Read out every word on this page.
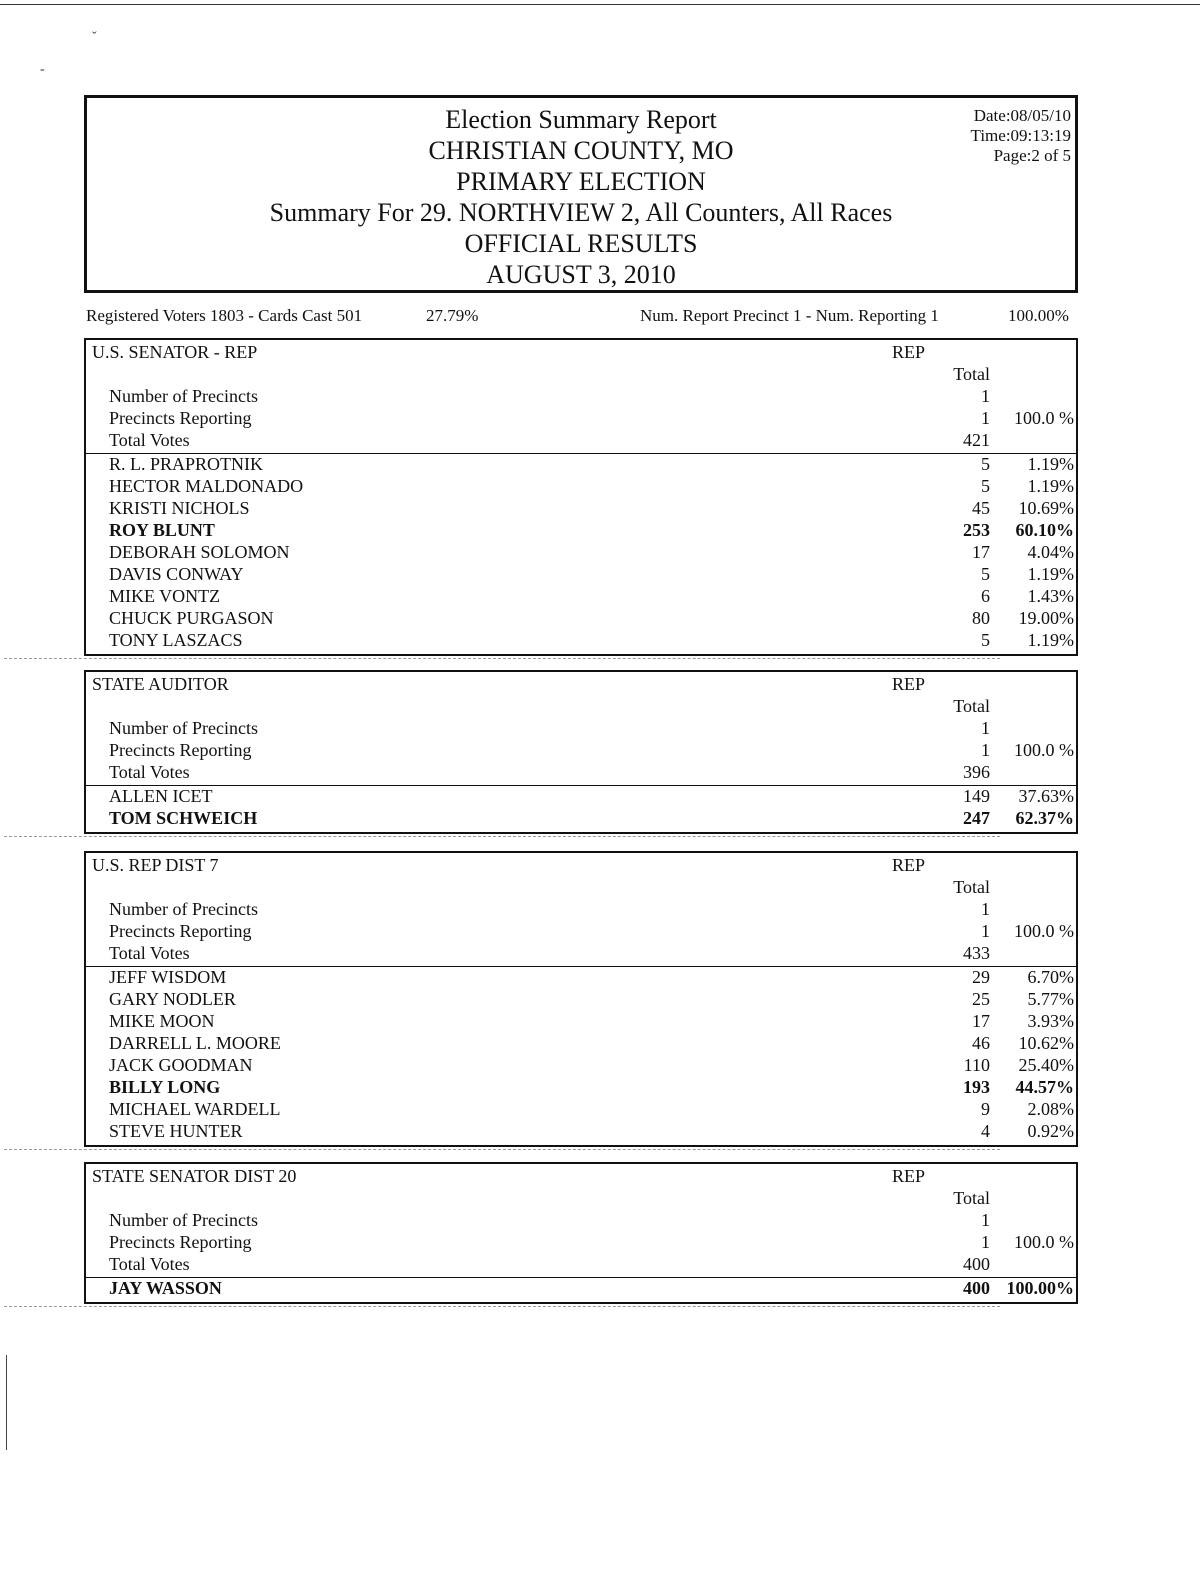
ˇ
-
Election Summary Report
CHRISTIAN COUNTY, MO
PRIMARY ELECTION
Summary For 29. NORTHVIEW 2, All Counters, All Races
OFFICIAL RESULTS
AUGUST 3, 2010
Date:08/05/10
Time:09:13:19
Page:2 of 5
Registered Voters 1803 - Cards Cast 501	27.79%	Num. Report Precinct 1 - Num. Reporting 1	100.00%
U.S. SENATOR - REP	REP
Total
Number of Precincts	1
Precincts Reporting	1	100.0 %
Total Votes	421
R. L. PRAPROTNIK	5	1.19%
HECTOR MALDONADO	5	1.19%
KRISTI NICHOLS	45	10.69%
ROY BLUNT	253	60.10%
DEBORAH SOLOMON	17	4.04%
DAVIS CONWAY	5	1.19%
MIKE VONTZ	6	1.43%
CHUCK PURGASON	80	19.00%
TONY LASZACS	5	1.19%
STATE AUDITOR	REP
Total
Number of Precincts	1
Precincts Reporting	1	100.0 %
Total Votes	396
ALLEN ICET	149	37.63%
TOM SCHWEICH	247	62.37%
U.S. REP DIST 7	REP
Total
Number of Precincts	1
Precincts Reporting	1	100.0 %
Total Votes	433
JEFF WISDOM	29	6.70%
GARY NODLER	25	5.77%
MIKE MOON	17	3.93%
DARRELL L. MOORE	46	10.62%
JACK GOODMAN	110	25.40%
BILLY LONG	193	44.57%
MICHAEL WARDELL	9	2.08%
STEVE HUNTER	4	0.92%
STATE SENATOR DIST 20	REP
Total
Number of Precincts	1
Precincts Reporting	1	100.0 %
Total Votes	400
JAY WASSON	400 100.00%
